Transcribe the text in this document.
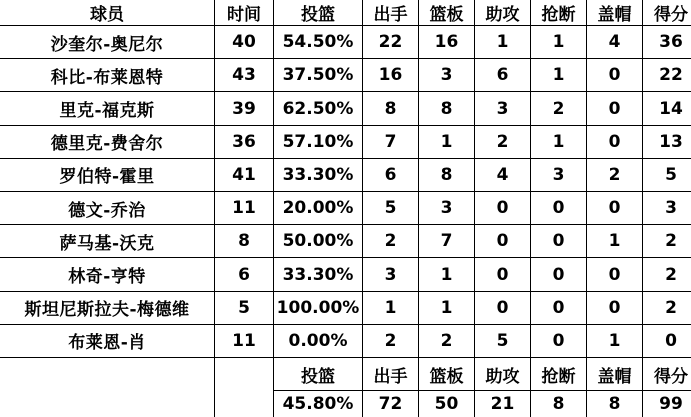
球员	时间	投篮	出手	篮板	助攻	抢断	盖帽	得分
沙奎尔-奥尼尔	40	54.50%	22	16	1	1	4	36
科比-布莱恩特	43	37.50%	16	3	6	1	0	22
里克-福克斯	39	62.50%	8	8	3	2	0	14
德里克-费舍尔	36	57.10%	7	1	2	1	0	13
罗伯特-霍里	41	33.30%	6	8	4	3	2	5
德文-乔治	11	20.00%	5	3	0	0	0	3
萨马基-沃克	8	50.00%	2	7	0	0	1	2
林奇-亨特	6	33.30%	3	1	0	0	0	2
斯坦尼斯拉夫-梅德维	5	100.00%	1	1	0	0	0	2
布莱恩-肖	11	0.00%	2	2	5	0	1	0
		投篮	出手	篮板	助攻	抢断	盖帽	得分
		45.80%	72	50	21	8	8	99
